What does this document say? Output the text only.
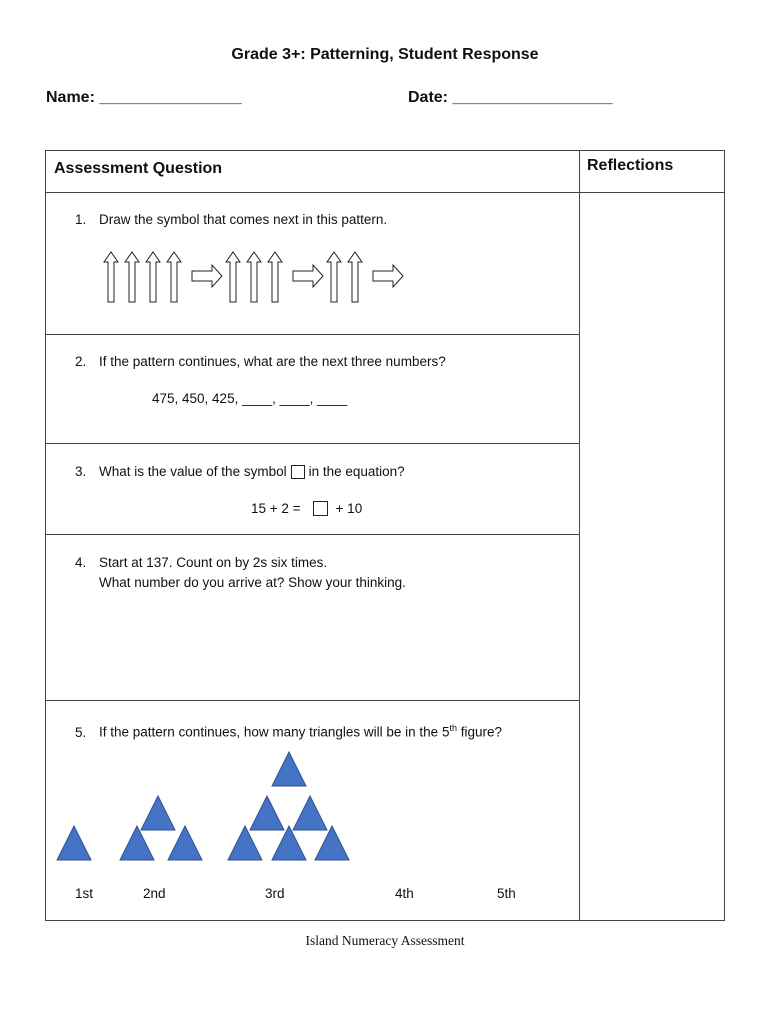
Grade 3+: Patterning, Student Response
Name: ________________	Date: __________________
Assessment Question	Reflections
1. Draw the symbol that comes next in this pattern.
2. If the pattern continues, what are the next three numbers?
475, 450, 425, ____, ____, ____
3. What is the value of the symbol in the equation?
15 + 2 =	+ 10
4. Start at 137. Count on by 2s six times.
What number do you arrive at? Show your thinking.
5. If the pattern continues, how many triangles will be in the 5th figure?
1st	2nd	3rd	4th	5th
Island Numeracy Assessment
